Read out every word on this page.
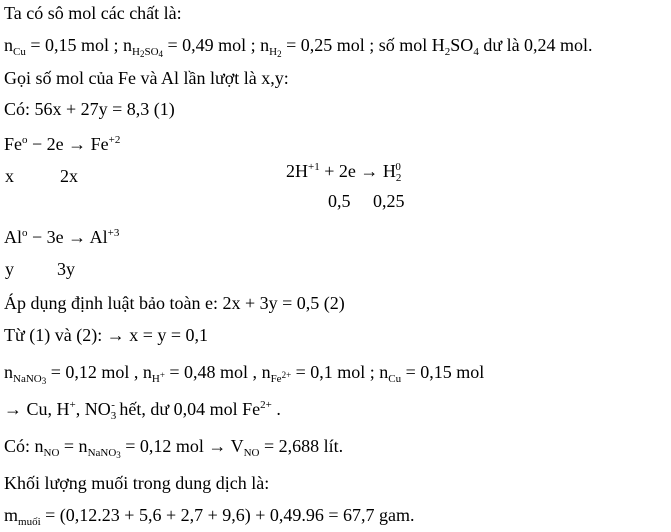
Ta có sô mol các chất là:
$n_{Cu} = 0,15$ mol ; $n_{H_2SO_4} = 0,49$ mol ; $n_{H_2} = 0,25$ mol ; số mol $H_2SO_4$ dư là 0,24 mol.
Gọi số mol của Fe và Al lần lượt là x,y:
Có: 56x + 27y = 8,3 (1)
$Fe^o - 2e \to Fe^{+2}$
x	2x	$2H^{+1} + 2e \to H_2^0$
0,5 0,25
$Al^o - 3e \to Al^{+3}$
y 3y
Áp dụng định luật bảo toàn e: 2x + 3y = 0,5 (2)
Từ (1) và (2): → x = y = 0,1
$n_{NaNO_3} = 0,12$ mol , $n_{H^+} = 0,48$ mol , $n_{Fe^{2+}} = 0,1$ mol ; $n_{Cu} = 0,15$ mol
→ Cu, H+, $NO_3^-$ hết, dư 0,04 mol $Fe^{2+}$ .
Có: $n_{NO} = n_{NaNO_3} = 0,12$ mol → $V_{NO} = 2,688$ lít.
Khối lượng muối trong dung dịch là:
$m_{muối} = (0,12.23 + 5,6 + 2,7 + 9,6) + 0,49.96 = 67,7$ gam.
